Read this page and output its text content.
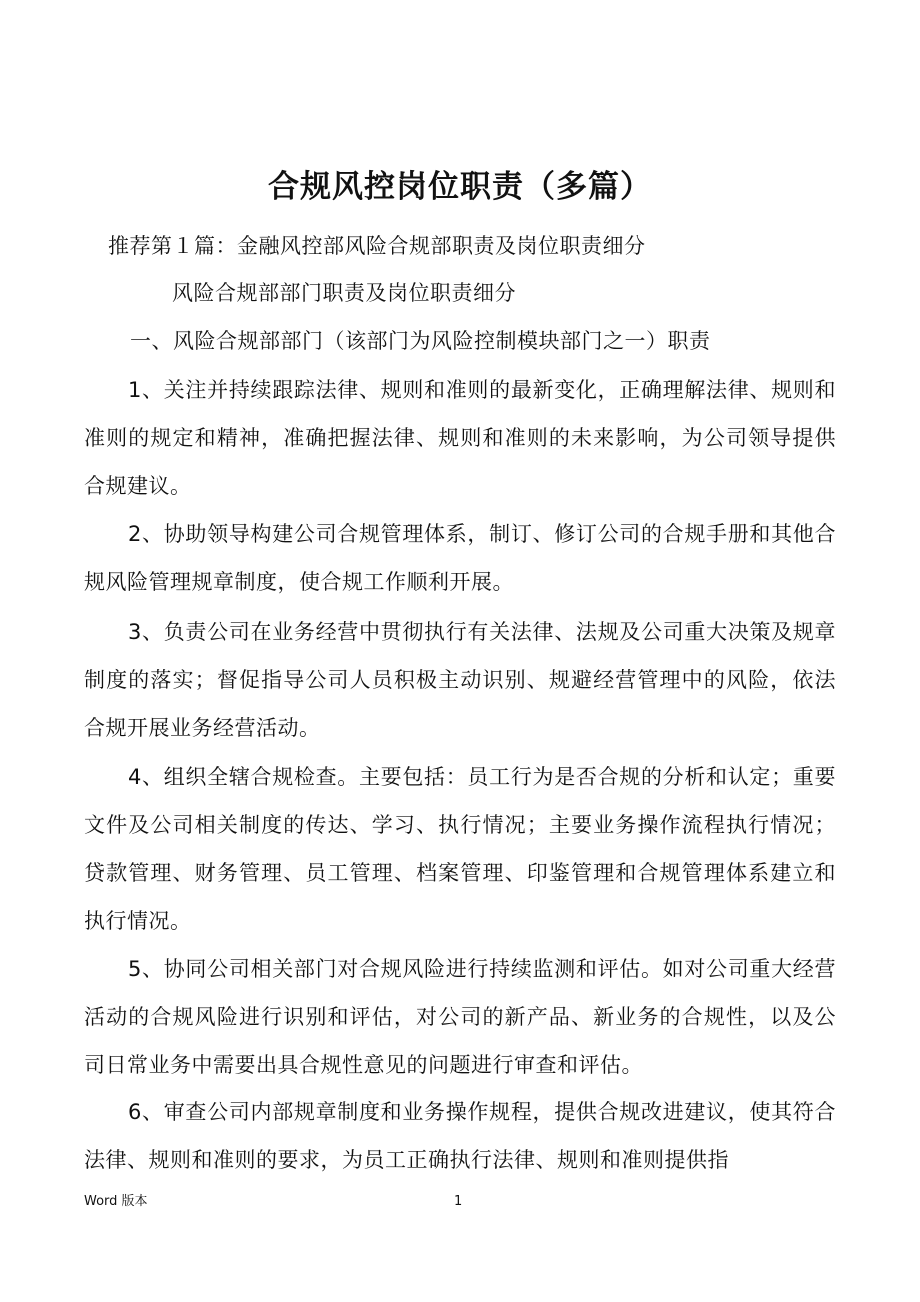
合规风控岗位职责（多篇）

推荐第１篇：金融风控部风险合规部职责及岗位职责细分

风险合规部部门职责及岗位职责细分

一、风险合规部部门（该部门为风险控制模块部门之一）职责

1、关注并持续跟踪法律、规则和准则的最新变化，正确理解法律、规则和准则的规定和精神，准确把握法律、规则和准则的未来影响，为公司领导提供合规建议。

2、协助领导构建公司合规管理体系，制订、修订公司的合规手册和其他合规风险管理规章制度，使合规工作顺利开展。

3、负责公司在业务经营中贯彻执行有关法律、法规及公司重大决策及规章制度的落实；督促指导公司人员积极主动识别、规避经营管理中的风险，依法合规开展业务经营活动。

4、组织全辖合规检查。主要包括：员工行为是否合规的分析和认定；重要文件及公司相关制度的传达、学习、执行情况；主要业务操作流程执行情况；贷款管理、财务管理、员工管理、档案管理、印鉴管理和合规管理体系建立和执行情况。

5、协同公司相关部门对合规风险进行持续监测和评估。如对公司重大经营活动的合规风险进行识别和评估，对公司的新产品、新业务的合规性，以及公司日常业务中需要出具合规性意见的问题进行审查和评估。

6、审查公司内部规章制度和业务操作规程，提供合规改进建议，使其符合法律、规则和准则的要求，为员工正确执行法律、规则和准则提供指

Word 版本	1
